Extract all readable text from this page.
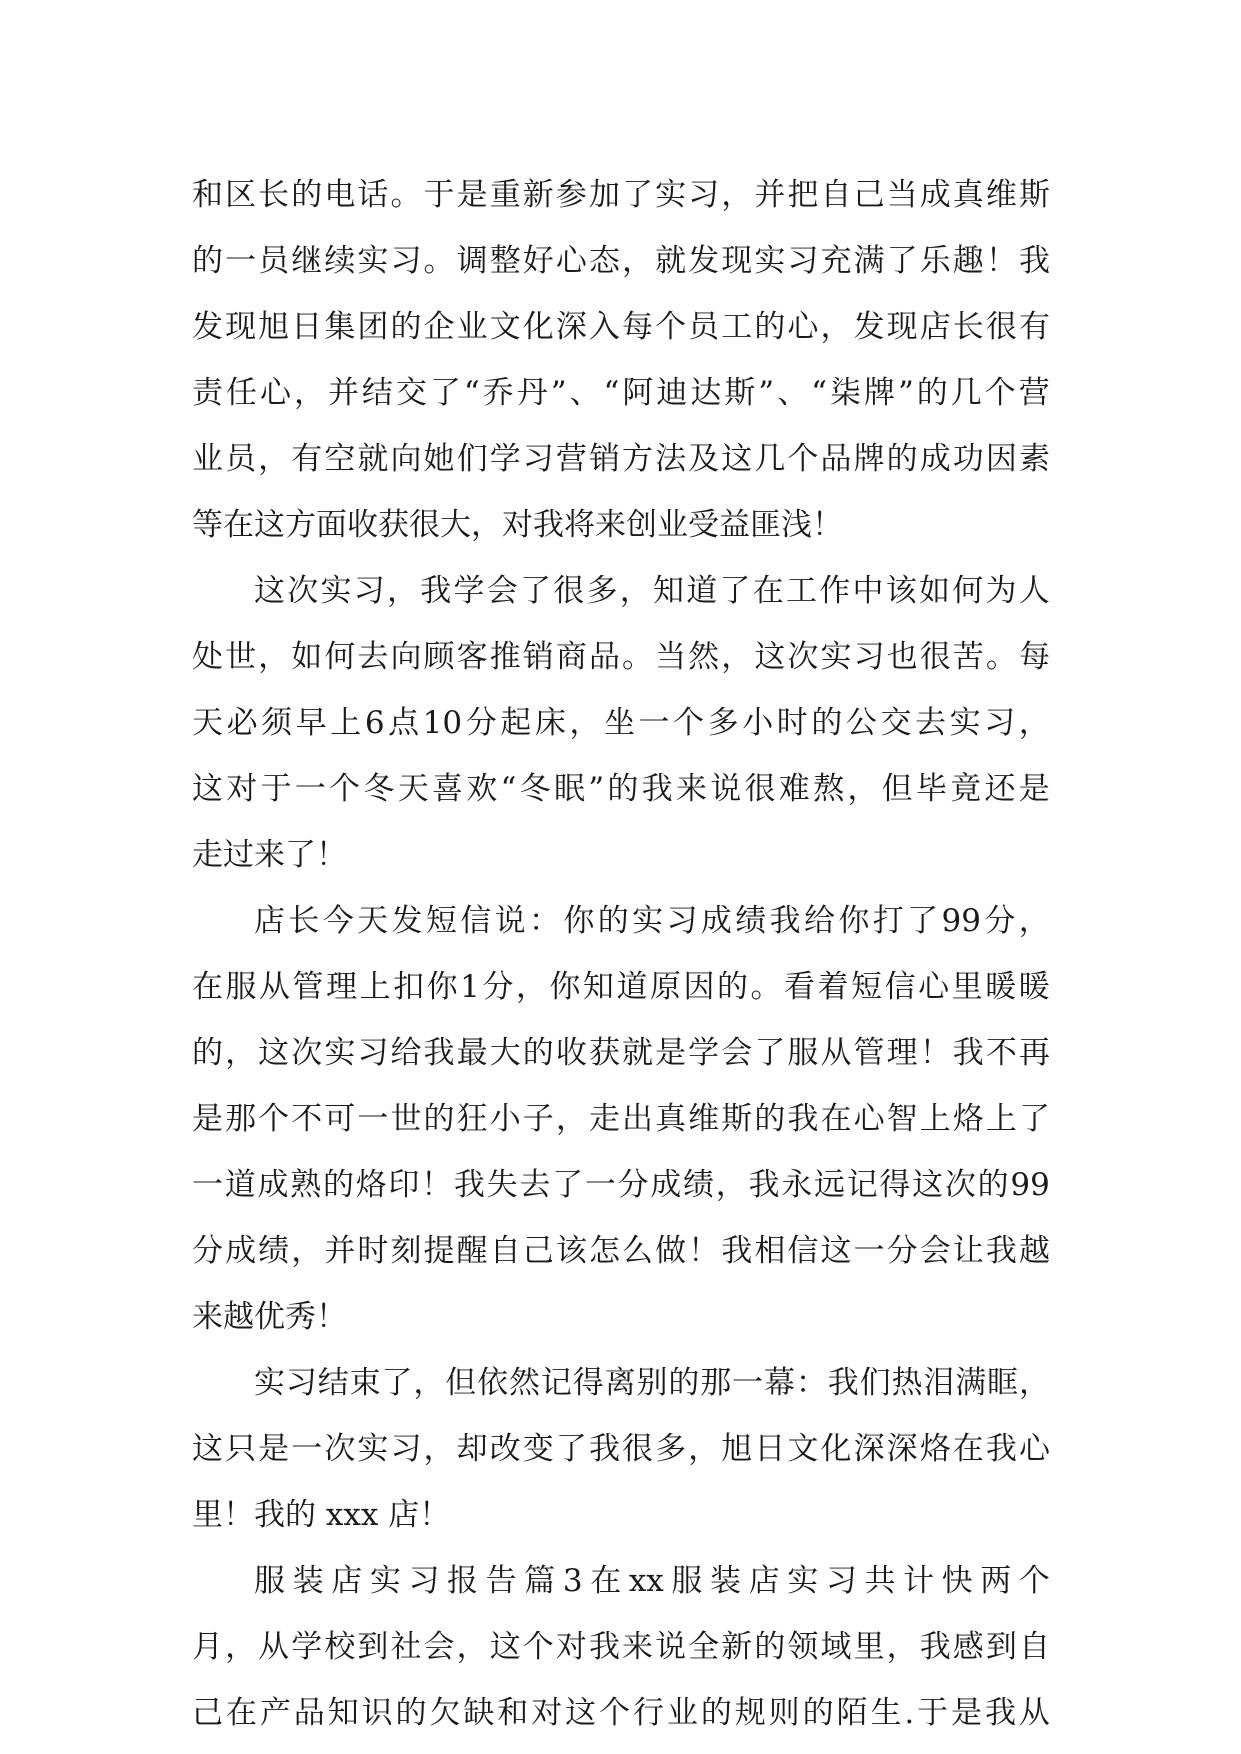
和 区 长 的 电 话 。 于 是 重 新 参 加 了 实 习 ， 并 把 自 己 当 成 真 维 斯
的 一 员 继 续 实 习 。 调 整 好 心 态 ， 就 发 现 实 习 充 满 了 乐 趣 ！ 我
发 现 旭 日 集 团 的 企 业 文 化 深 入 每 个 员 工 的 心 ， 发 现 店 长 很 有
责 任 心 ， 并 结 交 了 “ 乔 丹 ” 、 “ 阿 迪 达 斯 ” 、 “ 柒 牌 ” 的 几 个 营
业 员 ， 有 空 就 向 她 们 学 习 营 销 方 法 及 这 几 个 品 牌 的 成 功 因 素
等在这方面收获很大，对我将来创业受益匪浅！
这 次 实 习 ， 我 学 会 了 很 多 ， 知 道 了 在 工 作 中 该 如 何 为 人
处 世 ， 如 何 去 向 顾 客 推 销 商 品 。 当 然 ， 这 次 实 习 也 很 苦 。 每
天 必 须 早 上 6 点 10 分 起 床 ， 坐 一 个 多 小 时 的 公 交 去 实 习 ，
这 对 于 一 个 冬 天 喜 欢 “ 冬 眠 ” 的 我 来 说 很 难 熬 ， 但 毕 竟 还 是
走过来了！
店 长 今 天 发 短 信 说 ： 你 的 实 习 成 绩 我 给 你 打 了 99 分 ，
在 服 从 管 理 上 扣 你 1 分 ， 你 知 道 原 因 的 。 看 着 短 信 心 里 暖 暖
的 ， 这 次 实 习 给 我 最 大 的 收 获 就 是 学 会 了 服 从 管 理 ！ 我 不 再
是 那 个 不 可 一 世 的 狂 小 子 ， 走 出 真 维 斯 的 我 在 心 智 上 烙 上 了
一 道 成 熟 的 烙 印 ！ 我 失 去 了 一 分 成 绩 ， 我 永 远 记 得 这 次 的 99
分 成 绩 ， 并 时 刻 提 醒 自 己 该 怎 么 做 ！ 我 相 信 这 一 分 会 让 我 越
来越优秀！
实 习 结 束 了 ， 但 依 然 记 得 离 别 的 那 一 幕 ： 我 们 热 泪 满 眶 ，
这 只 是 一 次 实 习 ， 却 改 变 了 我 很 多 ， 旭 日 文 化 深 深 烙 在 我 心
里！我的 xxx 店！
服 装 店 实 习 报 告 篇 3 在 xx 服 装 店 实 习 共 计 快 两 个
月 ， 从 学 校 到 社 会 ， 这 个 对 我 来 说 全 新 的 领 域 里 ， 我 感 到 自
己 在 产 品 知 识 的 欠 缺 和 对 这 个 行 业 的 规 则 的 陌 生 . 于 是 我 从
